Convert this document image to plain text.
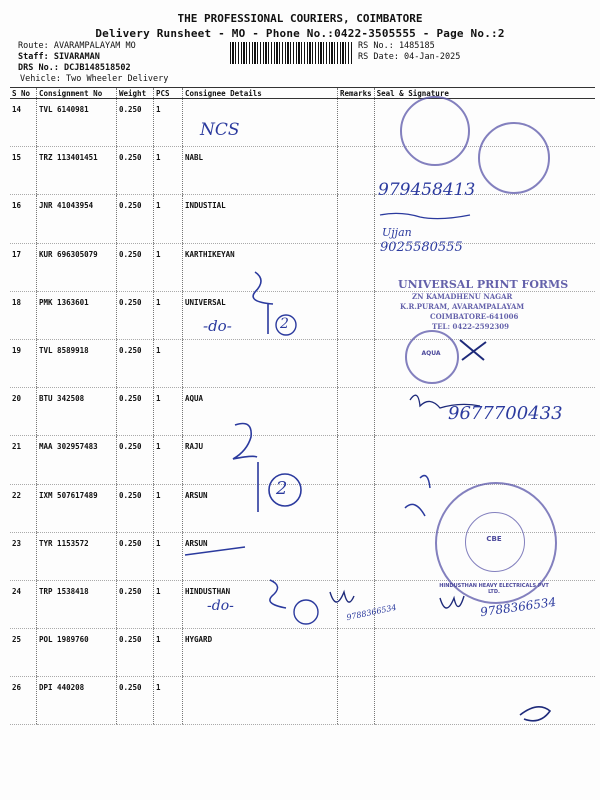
THE PROFESSIONAL COURIERS, COIMBATORE
Delivery Runsheet - MO - Phone No.:0422-3505555 - Page No.:2
Route: AVARAMPALAYAM MO
Staff: SIVARAMAN
DRS No.: DCJB148518502
Vehicle: Two Wheeler Delivery
RS No.: 1485185
RS Date: 04-Jan-2025
S No	Consignment No	Weight	PCS	Consignee Details	Remarks	Seal & Signature
14	TVL 6140981	0.250	1			
15	TRZ 113401451	0.250	1	NABL		
16	JNR 41043954	0.250	1	INDUSTIAL		
17	KUR 696305079	0.250	1	KARTHIKEYAN		
18	PMK 1363601	0.250	1	UNIVERSAL		
19	TVL 8589918	0.250	1			
20	BTU 342508	0.250	1	AQUA		
21	MAA 302957483	0.250	1	RAJU		
22	IXM 507617489	0.250	1	ARSUN		
23	TYR 1153572	0.250	1	ARSUN		
24	TRP 1538418	0.250	1	HINDUSTHAN		
25	POL 1989760	0.250	1	HYGARD		
26	DPI 440208	0.250	1			
NCS
979458413
Ujjan
9025580555
-do-	2
9677700433
2
-do-	9788366534	9788366534
AQUA
UNIVERSAL PRINT FORMS
ZN KAMADHENU NAGAR
K.R.PURAM, AVARAMPALAYAM
COIMBATORE-641006
TEL: 0422-2592309
CBE
HINDUSTHAN HEAVY ELECTRICALS PVT LTD.
